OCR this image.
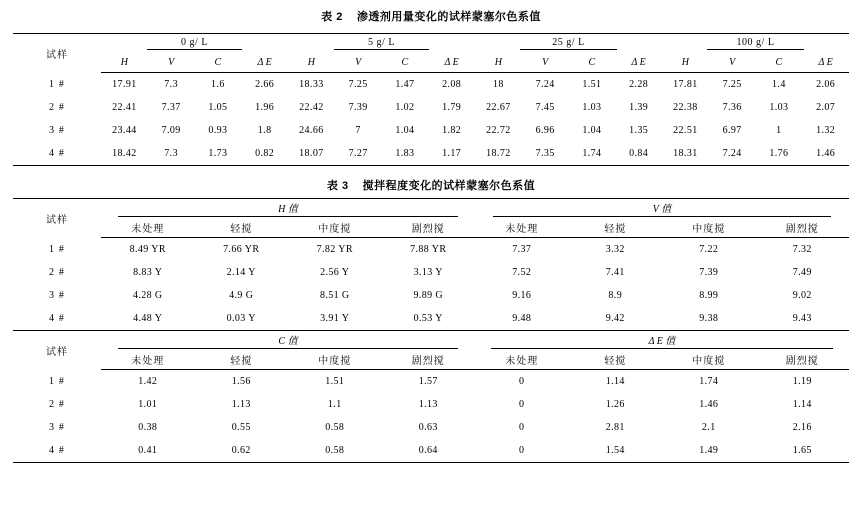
表 2 渗透剂用量变化的试样蒙塞尔色系值
试样	0 g/ L				5 g/ L				25 g/ L				100 g/ L			
	H	V	C	Δ E	H	V	C	Δ E	H	V	C	Δ E	H	V	C	Δ E
1 #	17.91	7.3	1.6	2.66	18.33	7.25	1.47	2.08	18	7.24	1.51	2.28	17.81	7.25	1.4	2.06
2 #	22.41	7.37	1.05	1.96	22.42	7.39	1.02	1.79	22.67	7.45	1.03	1.39	22.38	7.36	1.03	2.07
3 #	23.44	7.09	0.93	1.8	24.66	7	1.04	1.82	22.72	6.96	1.04	1.35	22.51	6.97	1	1.32
4 #	18.42	7.3	1.73	0.82	18.07	7.27	1.83	1.17	18.72	7.35	1.74	0.84	18.31	7.24	1.76	1.46
表 3 搅拌程度变化的试样蒙塞尔色系值
试样	H 值				V 值			
	未处理	轻搅	中度搅	剧烈搅	未处理	轻搅	中度搅	剧烈搅
1 #	8.49 YR	7.66 YR	7.82 YR	7.88 YR	7.37	3.32	7.22	7.32
2 #	8.83 Y	2.14 Y	2.56 Y	3.13 Y	7.52	7.41	7.39	7.49
3 #	4.28 G	4.9 G	8.51 G	9.89 G	9.16	8.9	8.99	9.02
4 #	4.48 Y	0.03 Y	3.91 Y	0.53 Y	9.48	9.42	9.38	9.43
试样	C 值				Δ E 值			
	未处理	轻搅	中度搅	剧烈搅	未处理	轻搅	中度搅	剧烈搅
1 #	1.42	1.56	1.51	1.57	0	1.14	1.74	1.19
2 #	1.01	1.13	1.1	1.13	0	1.26	1.46	1.14
3 #	0.38	0.55	0.58	0.63	0	2.81	2.1	2.16
4 #	0.41	0.62	0.58	0.64	0	1.54	1.49	1.65
